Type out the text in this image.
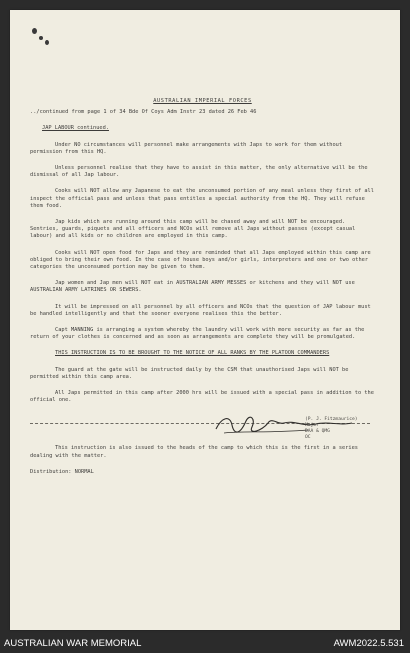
AUSTRALIAN IMPERIAL FORCES
../continued from page 1 of 34 Bde Of Coys Adm Instr 23 dated 26 Feb 46
JAP LABOUR continued.

Under NO circumstances will personnel make arrangements with Japs to work for them without permission from this HQ.

Unless personnel realise that they have to assist in this matter, the only alternative will be the dismissal of all Jap labour.

Cooks will NOT allow any Japanese to eat the unconsumed portion of any meal unless they first of all inspect the official pass and unless that pass entitles a special authority from the HQ. They will refuse them food.

Jap kids which are running around this camp will be chased away and will NOT be encouraged. Sentries, guards, piquets and all officers and NCOs will remove all Japs without passes (except casual labour) and all kids or no children are employed in this camp.

Cooks will NOT open food for Japs and they are reminded that all Japs employed within this camp are obliged to bring their own food. In the case of house boys and/or girls, interpreters and one or two other categories the unconsumed portion may be given to them.

Jap women and Jap men will NOT eat in AUSTRALIAN ARMY MESSES or kitchens and they will NOT use AUSTRALIAN ARMY LATRINES OR SEWERS.

It will be impressed on all personnel by all officers and NCOs that the question of JAP labour must be handled intelligently and that the sooner everyone realises this the better.

Capt MANNING is arranging a system whereby the laundry will work with more security as far as the return of your clothes is concerned and as soon as arrangements are complete they will be promulgated.

THIS INSTRUCTION IS TO BE BROUGHT TO THE NOTICE OF ALL RANKS BY THE PLATOON COMMANDERS

The guard at the gate will be instructed daily by the CSM that unauthorised Japs will NOT be permitted within this camp area.

All Japs permitted in this camp after 2000 hrs will be issued with a special pass in addition to the official one.

(P. J. Fitzmaurice)
Major
DAA & QMG
OC

This instruction is also issued to the heads of the camp to which this is the first in a series dealing with the matter.

Distribution: NORMAL

AUSTRALIAN WAR MEMORIAL	AWM2022.5.531
